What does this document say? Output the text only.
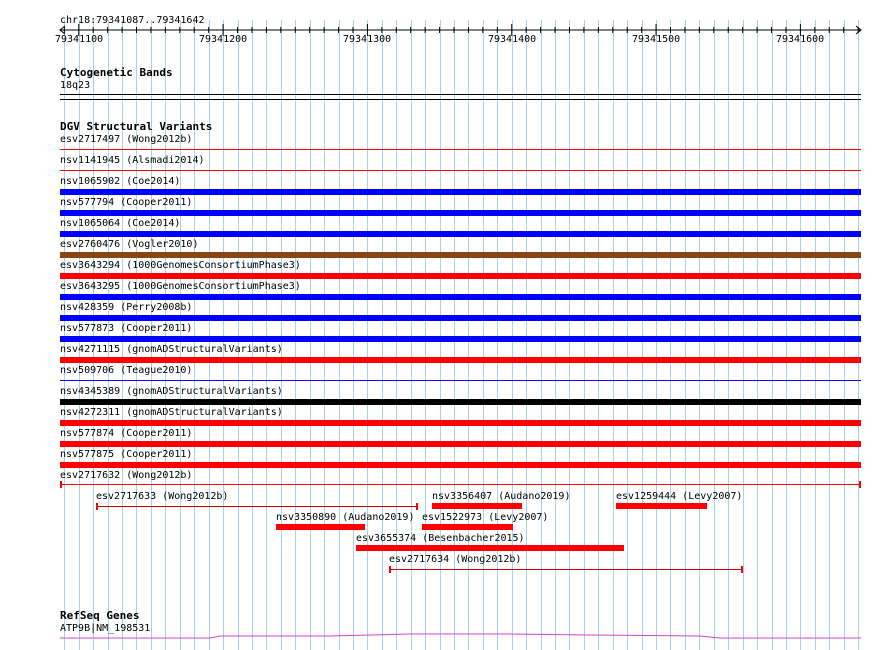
chr18:79341087..79341642
79341100	79341200	79341300	79341400	79341500	79341600
Cytogenetic Bands
18q23
DGV Structural Variants
esv2717497 (Wong2012b)
nsv1141945 (Alsmadi2014)
nsv1065902 (Coe2014)
nsv577794 (Cooper2011)
nsv1065064 (Coe2014)
esv2760476 (Vogler2010)
esv3643294 (1000GenomesConsortiumPhase3)
esv3643295 (1000GenomesConsortiumPhase3)
nsv428359 (Perry2008b)
nsv577873 (Cooper2011)
nsv4271115 (gnomADStructuralVariants)
nsv509706 (Teague2010)
nsv4345389 (gnomADStructuralVariants)
nsv4272311 (gnomADStructuralVariants)
nsv577874 (Cooper2011)
nsv577875 (Cooper2011)
esv2717632 (Wong2012b)
esv2717633 (Wong2012b)	nsv3356407 (Audano2019)	esv1259444 (Levy2007)
nsv3350890 (Audano2019) esv1522973 (Levy2007)
esv3655374 (Besenbacher2015)
esv2717634 (Wong2012b)
RefSeq Genes
ATP9B|NM_198531
